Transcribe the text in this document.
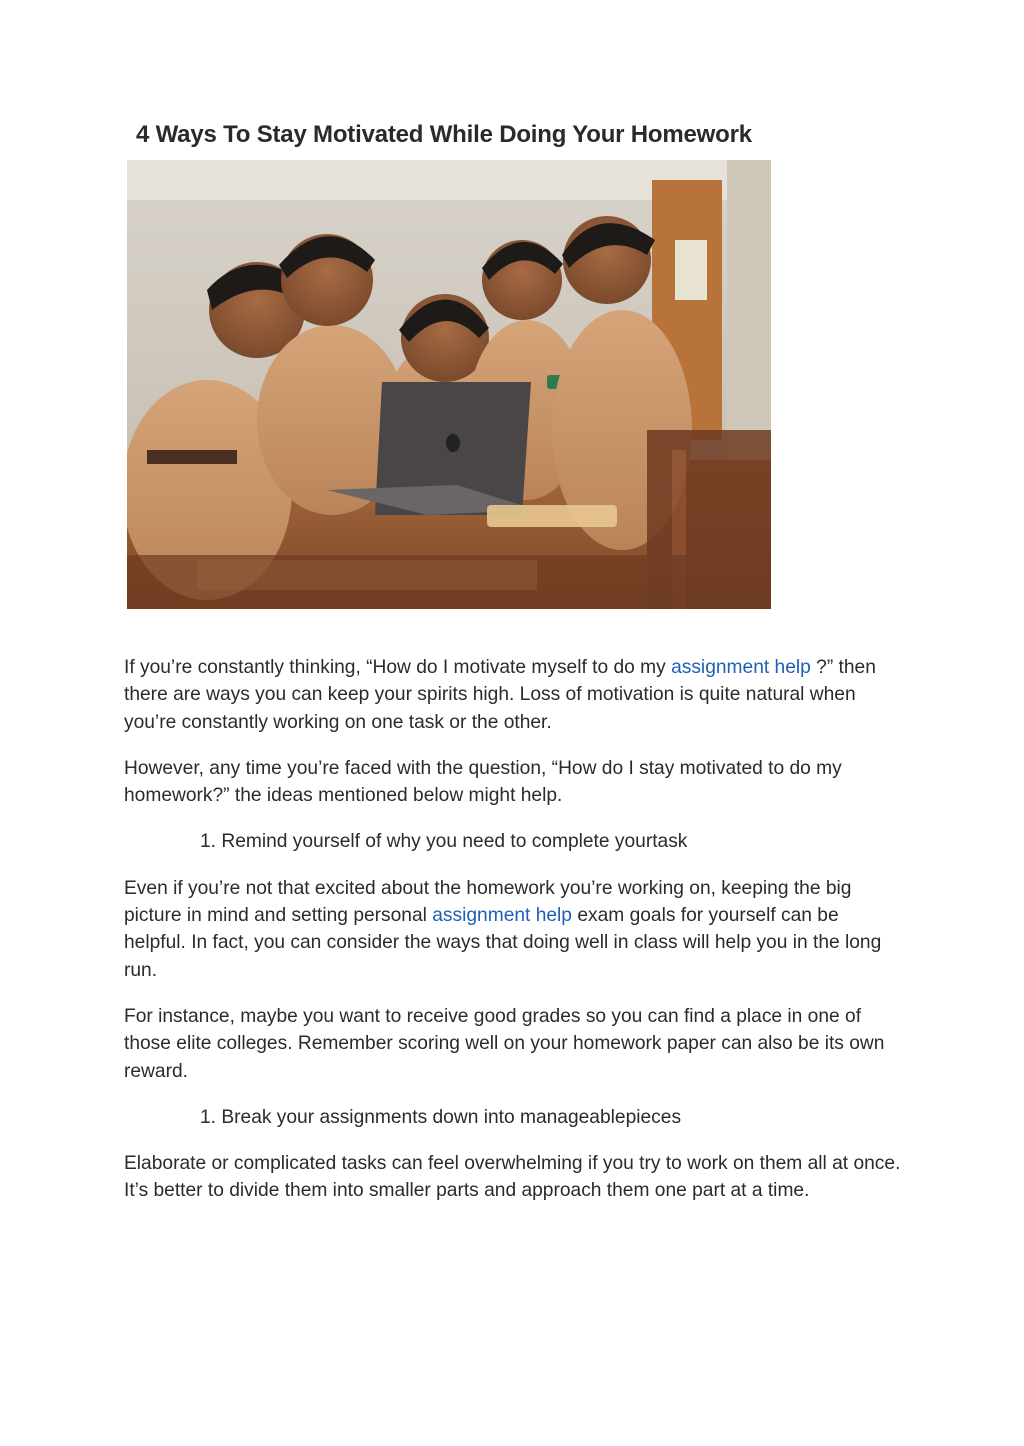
4 Ways To Stay Motivated While Doing Your Homework

If you’re constantly thinking, “How do I motivate myself to do my assignment help ?” then there are ways you can keep your spirits high. Loss of motivation is quite natural when you’re constantly working on one task or the other.

However, any time you’re faced with the question, “How do I stay motivated to do my homework?” the ideas mentioned below might help.

1. Remind yourself of why you need to complete yourtask

Even if you’re not that excited about the homework you’re working on, keeping the big picture in mind and setting personal assignment help exam goals for yourself can be helpful. In fact, you can consider the ways that doing well in class will help you in the long run.

For instance, maybe you want to receive good grades so you can find a place in one of those elite colleges. Remember scoring well on your homework paper can also be its own reward.

1. Break your assignments down into manageablepieces

Elaborate or complicated tasks can feel overwhelming if you try to work on them all at once. It’s better to divide them into smaller parts and approach them one part at a time.
